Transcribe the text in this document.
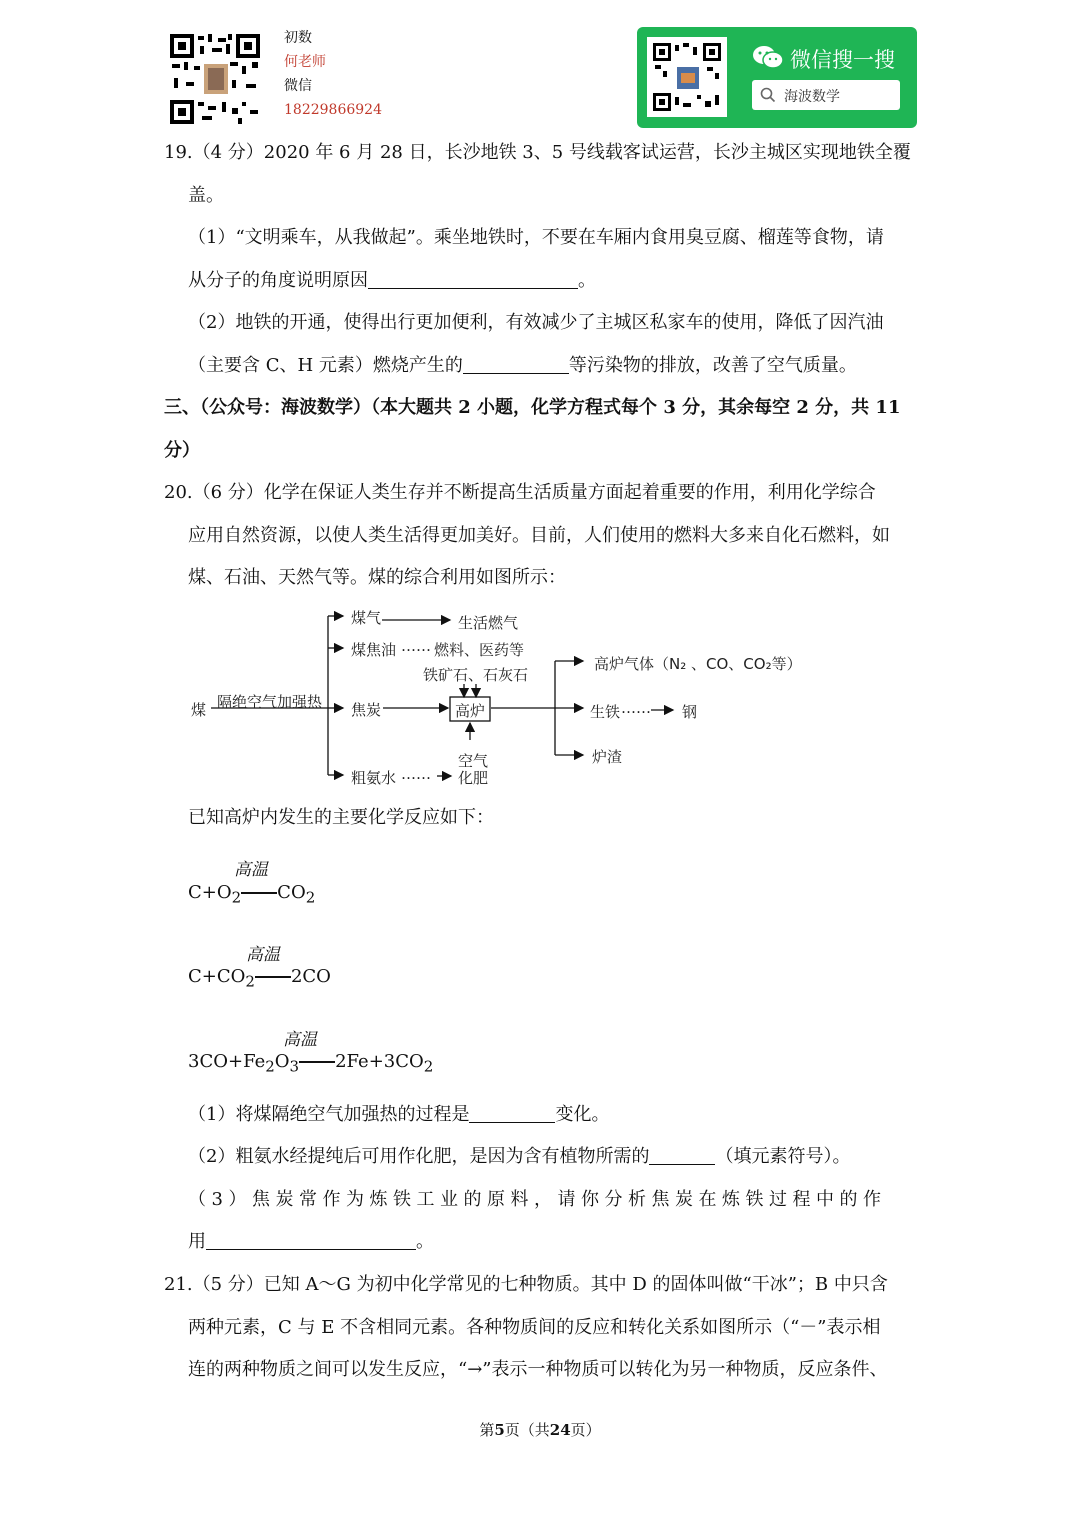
初数
何老师
微信
18229866924
微信搜一搜
海波数学
19.（4 分）2020 年 6 月 28 日，长沙地铁 3、5 号线载客试运营，长沙主城区实现地铁全覆
盖。
（1）“文明乘车，从我做起”。乘坐地铁时，不要在车厢内食用臭豆腐、榴莲等食物，请
从分子的角度说明原因	。
（2）地铁的开通，使得出行更加便利，有效减少了主城区私家车的使用，降低了因汽油
（主要含 C、H 元素）燃烧产生的	等污染物的排放，改善了空气质量。
三、（公众号：海波数学）（本大题共 2 小题，化学方程式每个 3 分，其余每空 2 分，共 11
分）
20.（6 分）化学在保证人类生存并不断提高生活质量方面起着重要的作用，利用化学综合
应用自然资源，以使人类生活得更加美好。目前，人们使用的燃料大多来自化石燃料，如
煤、石油、天然气等。煤的综合利用如图所示：
煤 隔绝空气加强热
煤气	生活燃气
煤焦油 …… 燃料、医药等
铁矿石、石灰石
焦炭	高炉
空气
粗氨水 …… 化肥
高炉气体（N₂ 、CO、CO₂等）
生铁 …… 钢
炉渣
已知高炉内发生的主要化学反应如下：
高温
$C+O_2$ $CO_2$
高温
$C+CO_2$ 2CO
高温
$3CO+Fe_2O_3$ $2Fe+3CO_2$
（1）将煤隔绝空气加强热的过程是	变化。
（2）粗氨水经提纯后可用作化肥，是因为含有植物所需的	（填元素符号）。
（3）焦炭常作为炼铁工业的原料，请你分析焦炭在炼铁过程中的作
用	。
21.（5 分）已知 A～G 为初中化学常见的七种物质。其中 D 的固体叫做“干冰”；B 中只含
两种元素，C 与 E 不含相同元素。各种物质间的反应和转化关系如图所示（“－”表示相
连的两种物质之间可以发生反应，“→”表示一种物质可以转化为另一种物质，反应条件、
第5页（共24页）
